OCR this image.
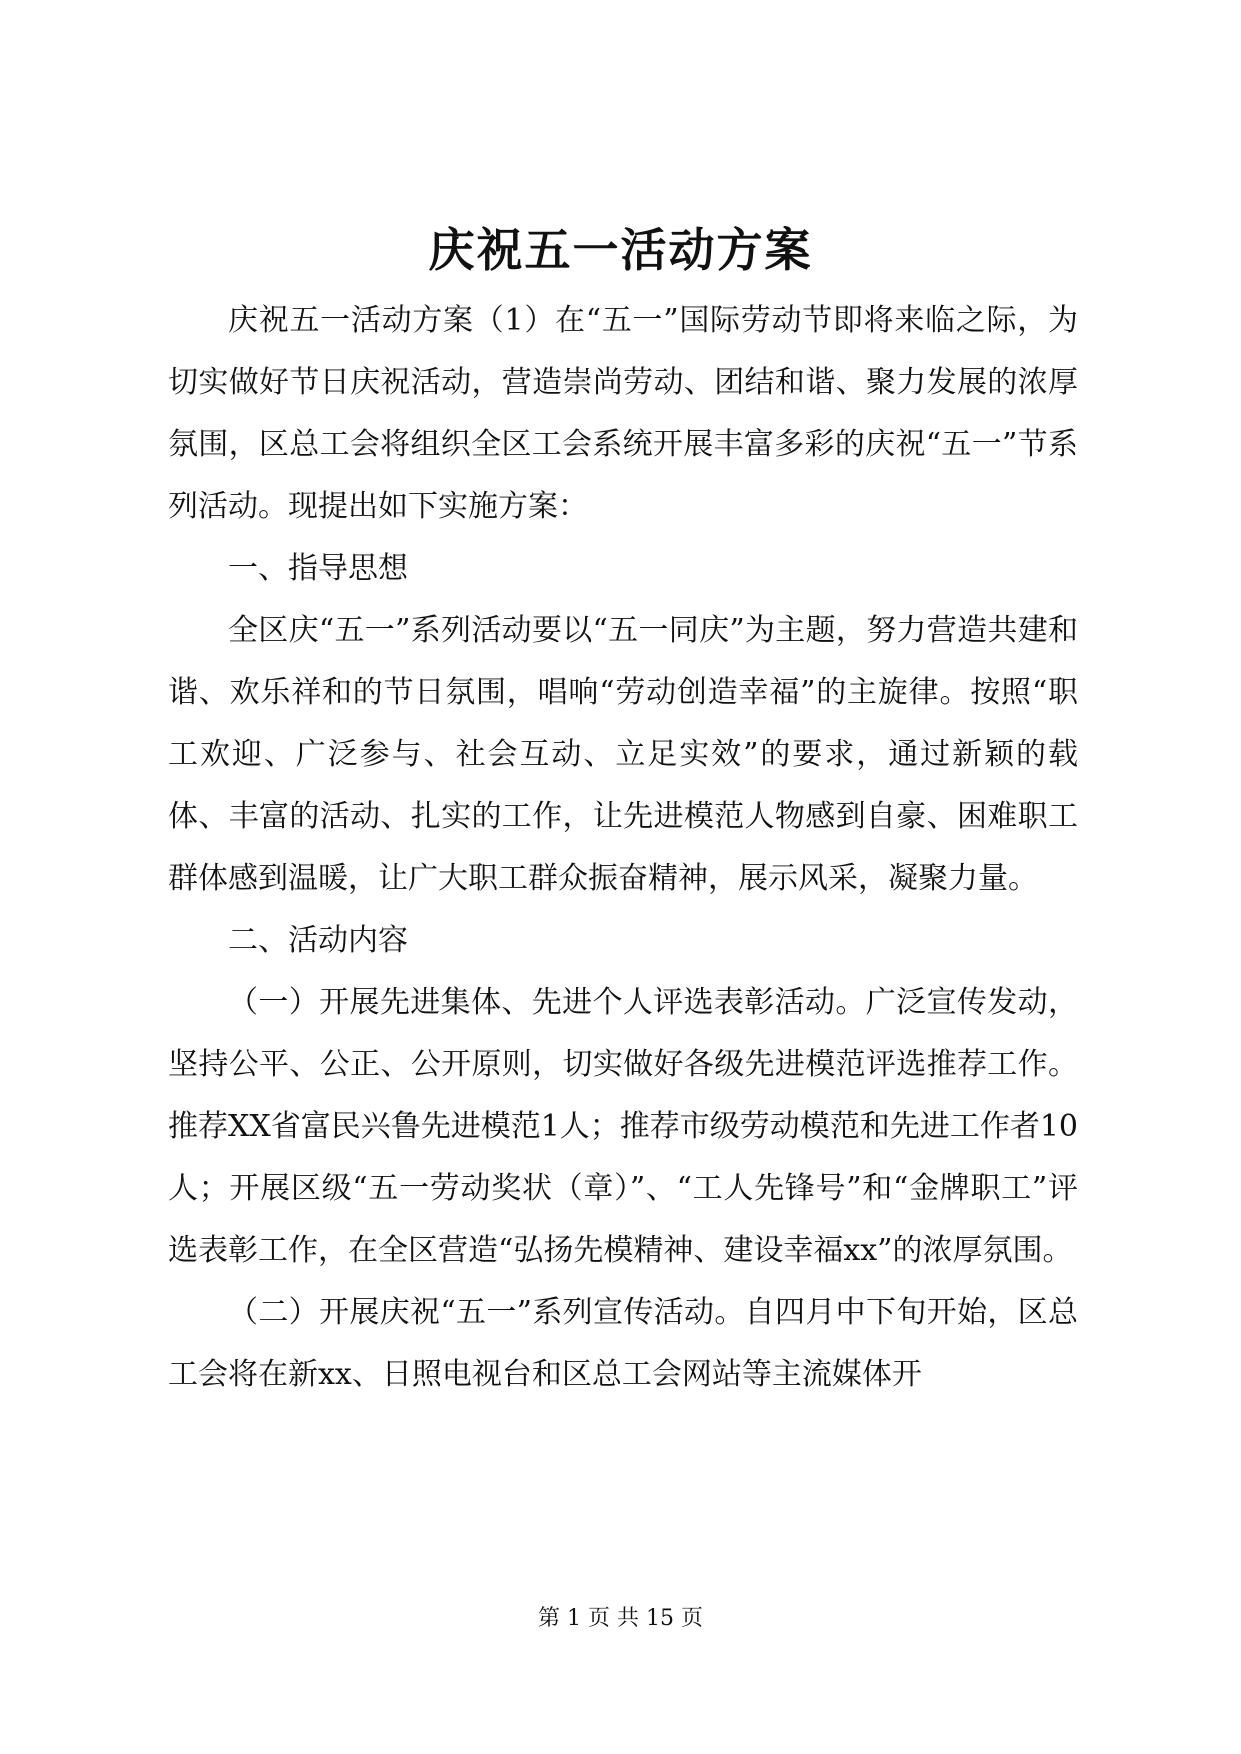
庆祝五一活动方案

庆祝五一活动方案（1）在“五一”国际劳动节即将来临之际，为切实做好节日庆祝活动，营造崇尚劳动、团结和谐、聚力发展的浓厚氛围，区总工会将组织全区工会系统开展丰富多彩的庆祝“五一”节系列活动。现提出如下实施方案：

一、指导思想

全区庆“五一”系列活动要以“五一同庆”为主题，努力营造共建和谐、欢乐祥和的节日氛围，唱响“劳动创造幸福”的主旋律。按照“职工欢迎、广泛参与、社会互动、立足实效”的要求，通过新颖的载体、丰富的活动、扎实的工作，让先进模范人物感到自豪、困难职工群体感到温暖，让广大职工群众振奋精神，展示风采，凝聚力量。

二、活动内容

（一）开展先进集体、先进个人评选表彰活动。广泛宣传发动，坚持公平、公正、公开原则，切实做好各级先进模范评选推荐工作。推荐XX省富民兴鲁先进模范1人；推荐市级劳动模范和先进工作者10人；开展区级“五一劳动奖状（章）”、“工人先锋号”和“金牌职工”评选表彰工作，在全区营造“弘扬先模精神、建设幸福xx”的浓厚氛围。

（二）开展庆祝“五一”系列宣传活动。自四月中下旬开始，区总工会将在新xx、日照电视台和区总工会网站等主流媒体开

第 1 页 共 15 页
